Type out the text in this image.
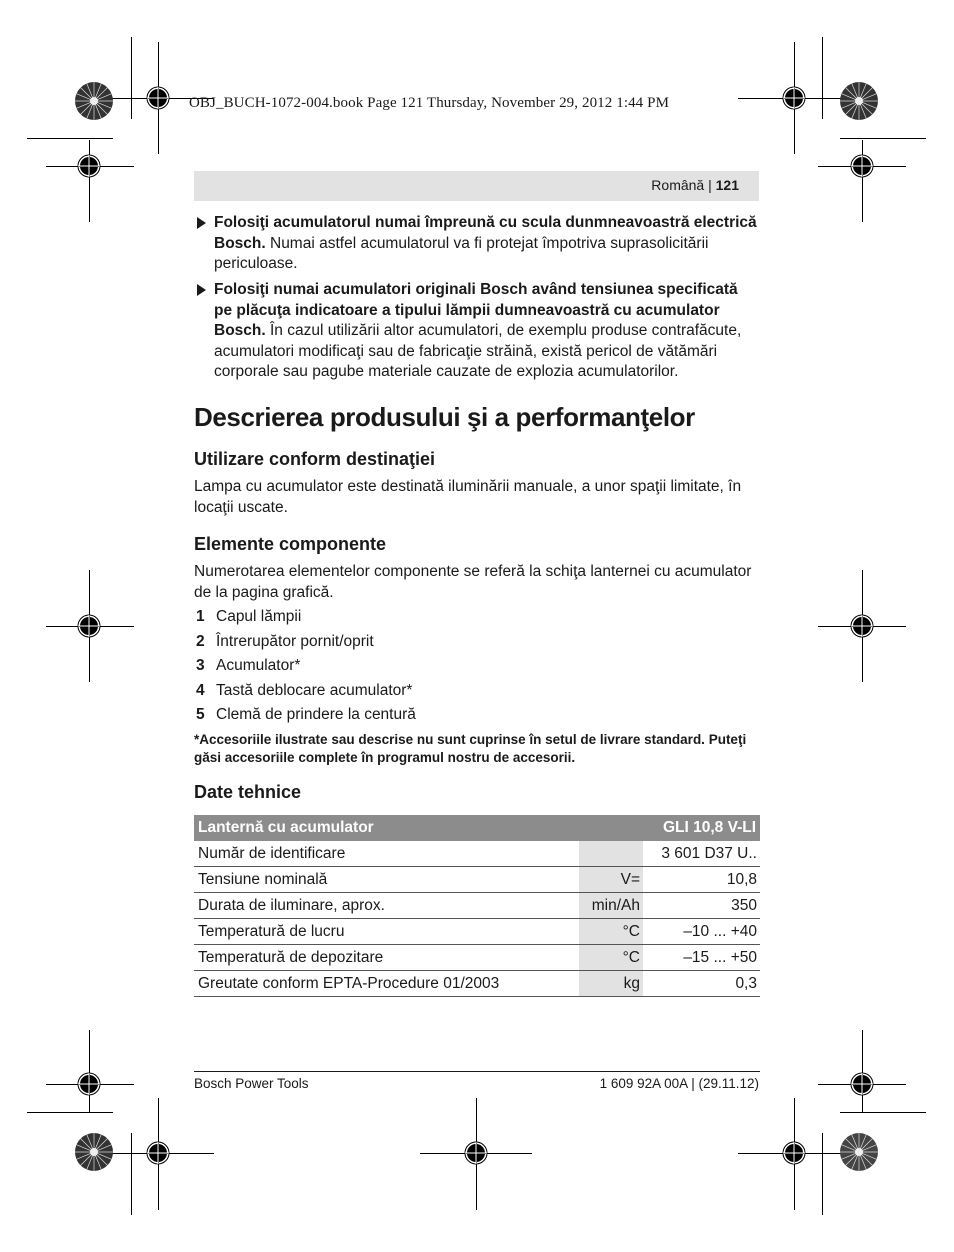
OBJ_BUCH-1072-004.book Page 121 Thursday, November 29, 2012 1:44 PM
Română | 121
Folosiţi acumulatorul numai împreună cu scula dunmneavoastră electrică Bosch. Numai astfel acumulatorul va fi protejat împotriva suprasolicitării periculoase.
Folosiţi numai acumulatori originali Bosch având tensiunea specificată pe plăcuţa indicatoare a tipului lămpii dumneavoastră cu acumulator Bosch. În cazul utilizării altor acumulatori, de exemplu produse contrafăcute, acumulatori modificaţi sau de fabricaţie străină, există pericol de vătămări corporale sau pagube materiale cauzate de explozia acumulatorilor.
Descrierea produsului şi a performanţelor
Utilizare conform destinaţiei
Lampa cu acumulator este destinată iluminării manuale, a unor spaţii limitate, în locaţii uscate.
Elemente componente
Numerotarea elementelor componente se referă la schiţa lanternei cu acumulator de la pagina grafică.
1 Capul lămpii
2 Întrerupător pornit/oprit
3 Acumulator*
4 Tastă deblocare acumulator*
5 Clemă de prindere la centură
*Accesoriile ilustrate sau descrise nu sunt cuprinse în setul de livrare standard. Puteţi găsi accesoriile complete în programul nostru de accesorii.
Date tehnice
Lanternă cu acumulator		GLI 10,8 V-LI
Număr de identificare		3 601 D37 U..
Tensiune nominală	V=	10,8
Durata de iluminare, aprox.	min/Ah	350
Temperatură de lucru	°C	–10 ... +40
Temperatură de depozitare	°C	–15 ... +50
Greutate conform EPTA-Procedure 01/2003	kg	0,3
Bosch Power Tools	1 609 92A 00A | (29.11.12)
